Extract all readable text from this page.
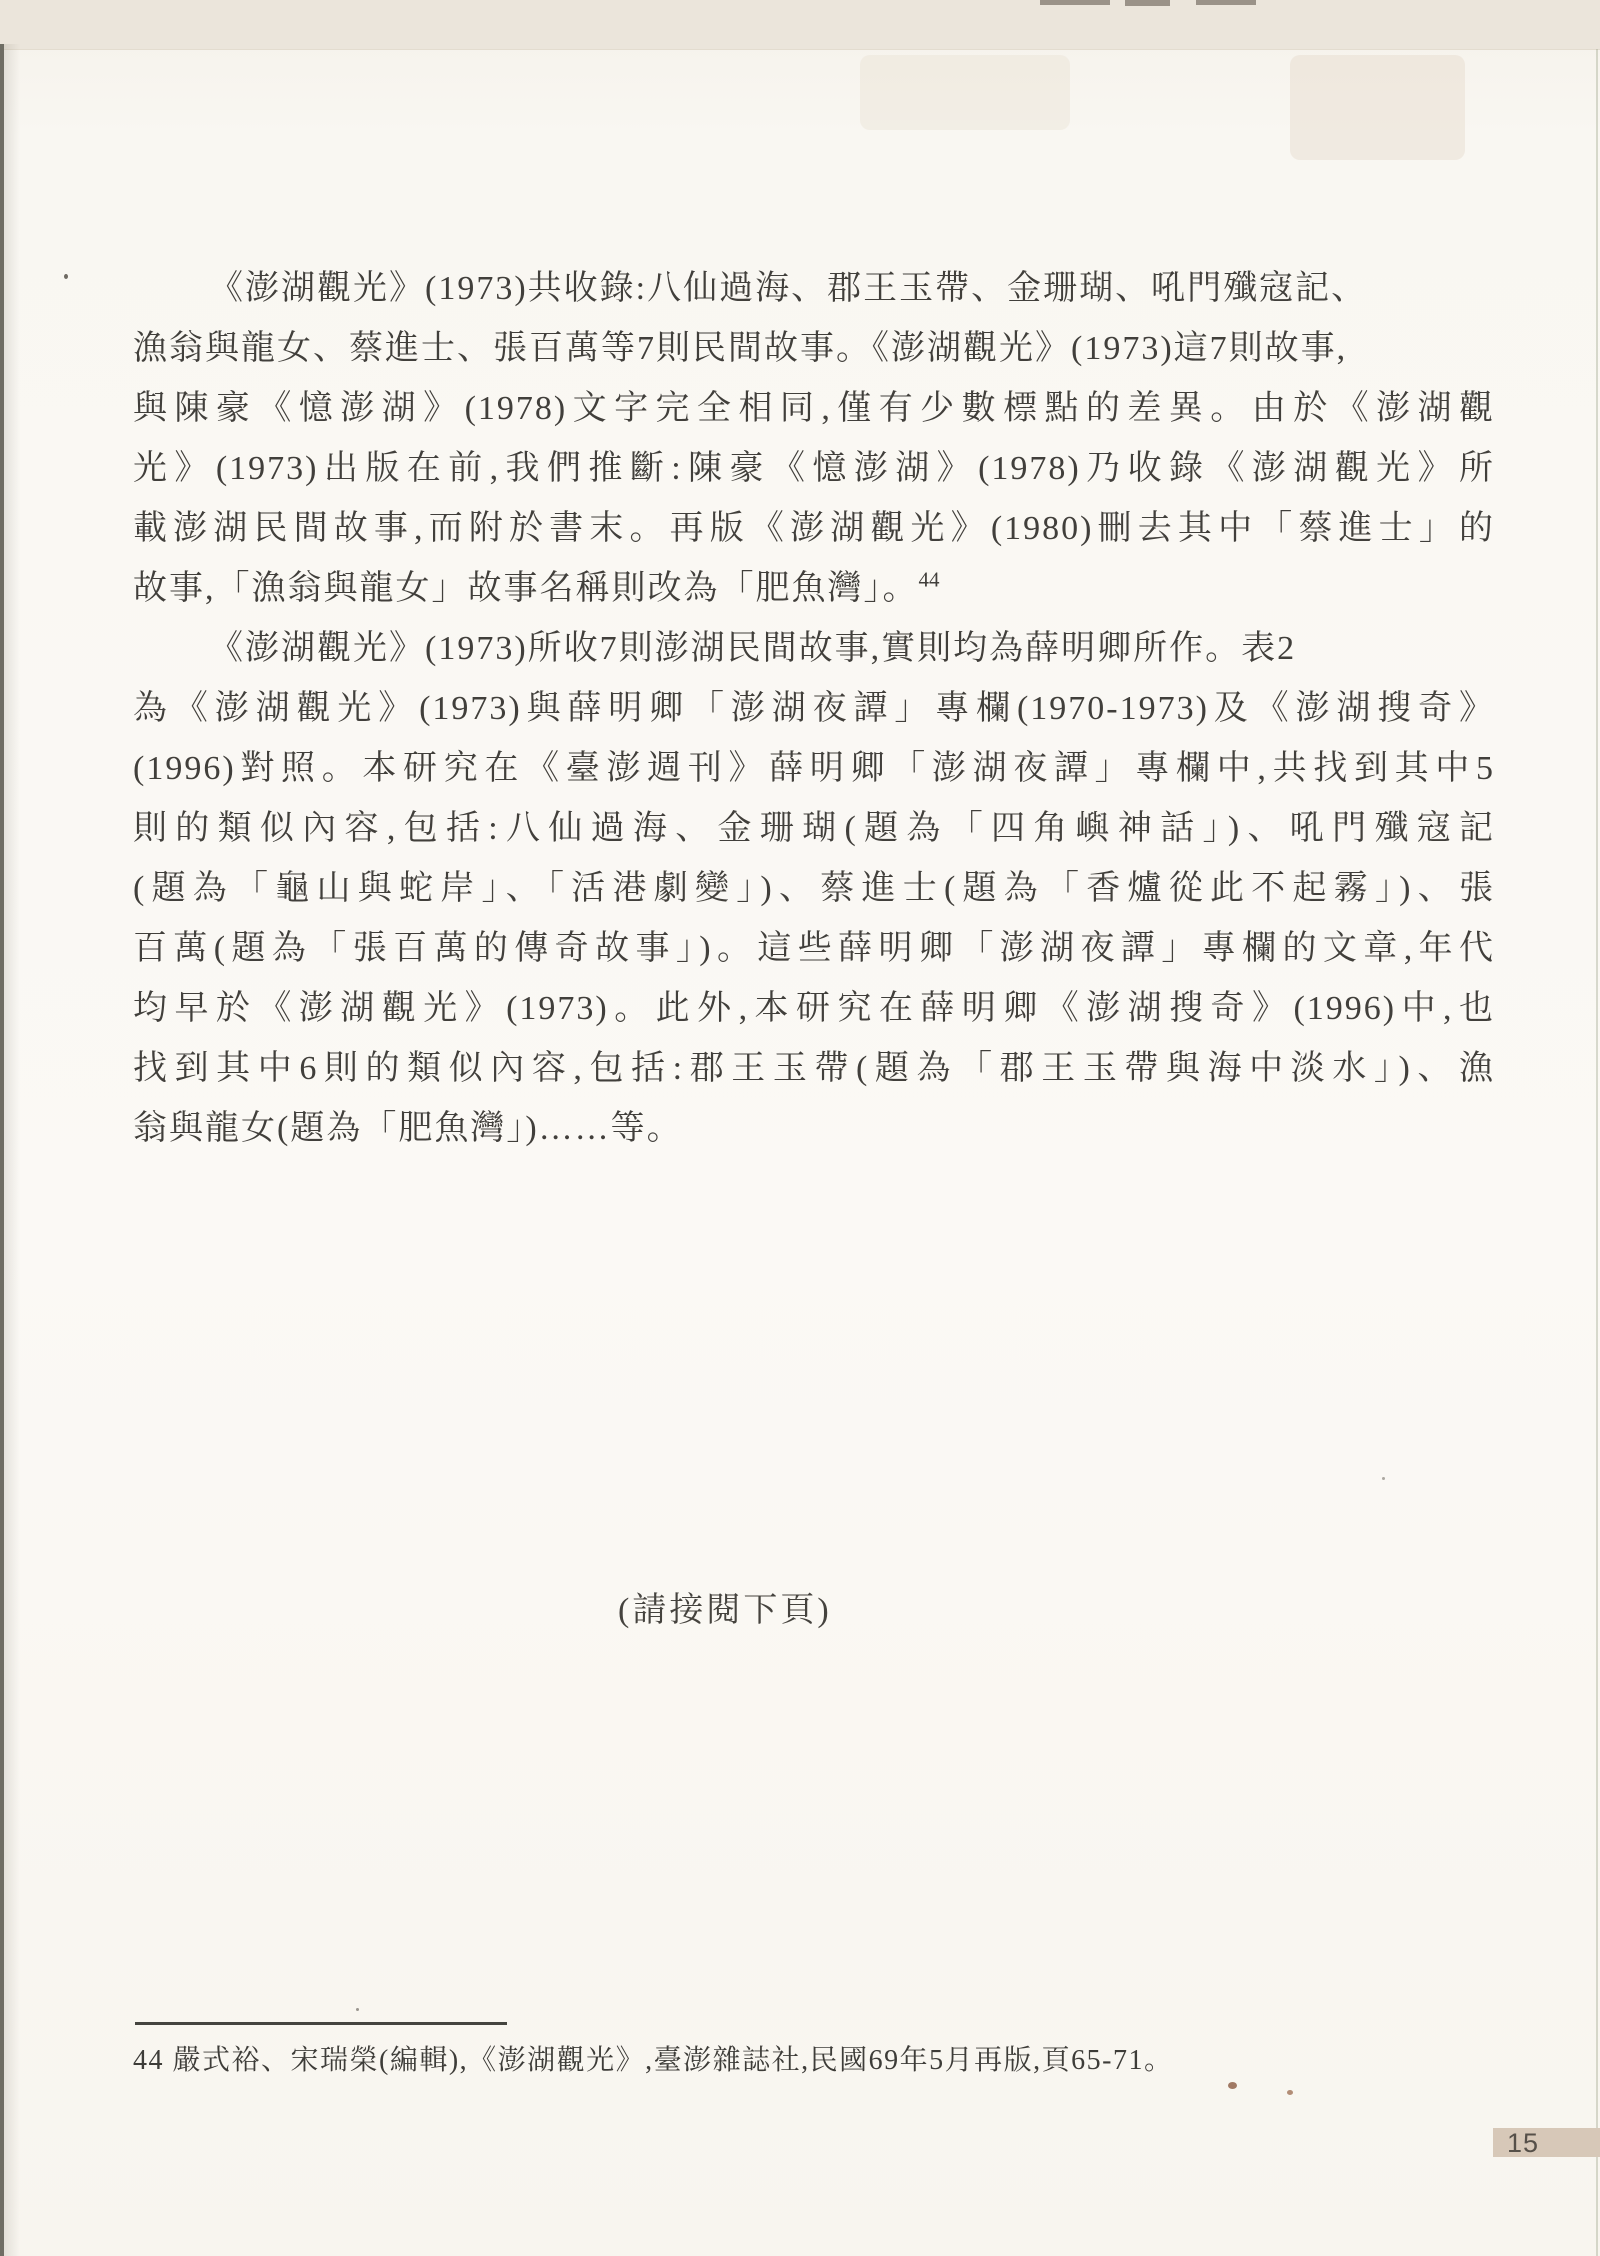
《澎湖觀光》(1973)共收錄:八仙過海、郡王玉帶、金珊瑚、吼門殲寇記、

漁翁與龍女、蔡進士、張百萬等7則民間故事。《澎湖觀光》(1973)這7則故事,

與陳豪《憶澎湖》(1978)文字完全相同,僅有少數標點的差異。由於《澎湖觀

光》(1973)出版在前,我們推斷:陳豪《憶澎湖》(1978)乃收錄《澎湖觀光》所

載澎湖民間故事,而附於書末。再版《澎湖觀光》(1980)刪去其中「蔡進士」的

故事,「漁翁與龍女」故事名稱則改為「肥魚灣」。$^{44}$

《澎湖觀光》(1973)所收7則澎湖民間故事,實則均為薛明卿所作。表2

為《澎湖觀光》(1973)與薛明卿「澎湖夜譚」專欄(1970-1973)及《澎湖搜奇》

(1996)對照。本研究在《臺澎週刊》薛明卿「澎湖夜譚」專欄中,共找到其中5

則的類似內容,包括:八仙過海、金珊瑚(題為「四角嶼神話」)、吼門殲寇記

(題為「龜山與蛇岸」、「活港劇變」)、蔡進士(題為「香爐從此不起霧」)、張

百萬(題為「張百萬的傳奇故事」)。這些薛明卿「澎湖夜譚」專欄的文章,年代

均早於《澎湖觀光》(1973)。此外,本研究在薛明卿《澎湖搜奇》(1996)中,也

找到其中6則的類似內容,包括:郡王玉帶(題為「郡王玉帶與海中淡水」)、漁

翁與龍女(題為「肥魚灣」)……等。

(請接閱下頁)
44 嚴式裕、宋瑞榮(編輯),《澎湖觀光》,臺澎雜誌社,民國69年5月再版,頁65-71。
15
